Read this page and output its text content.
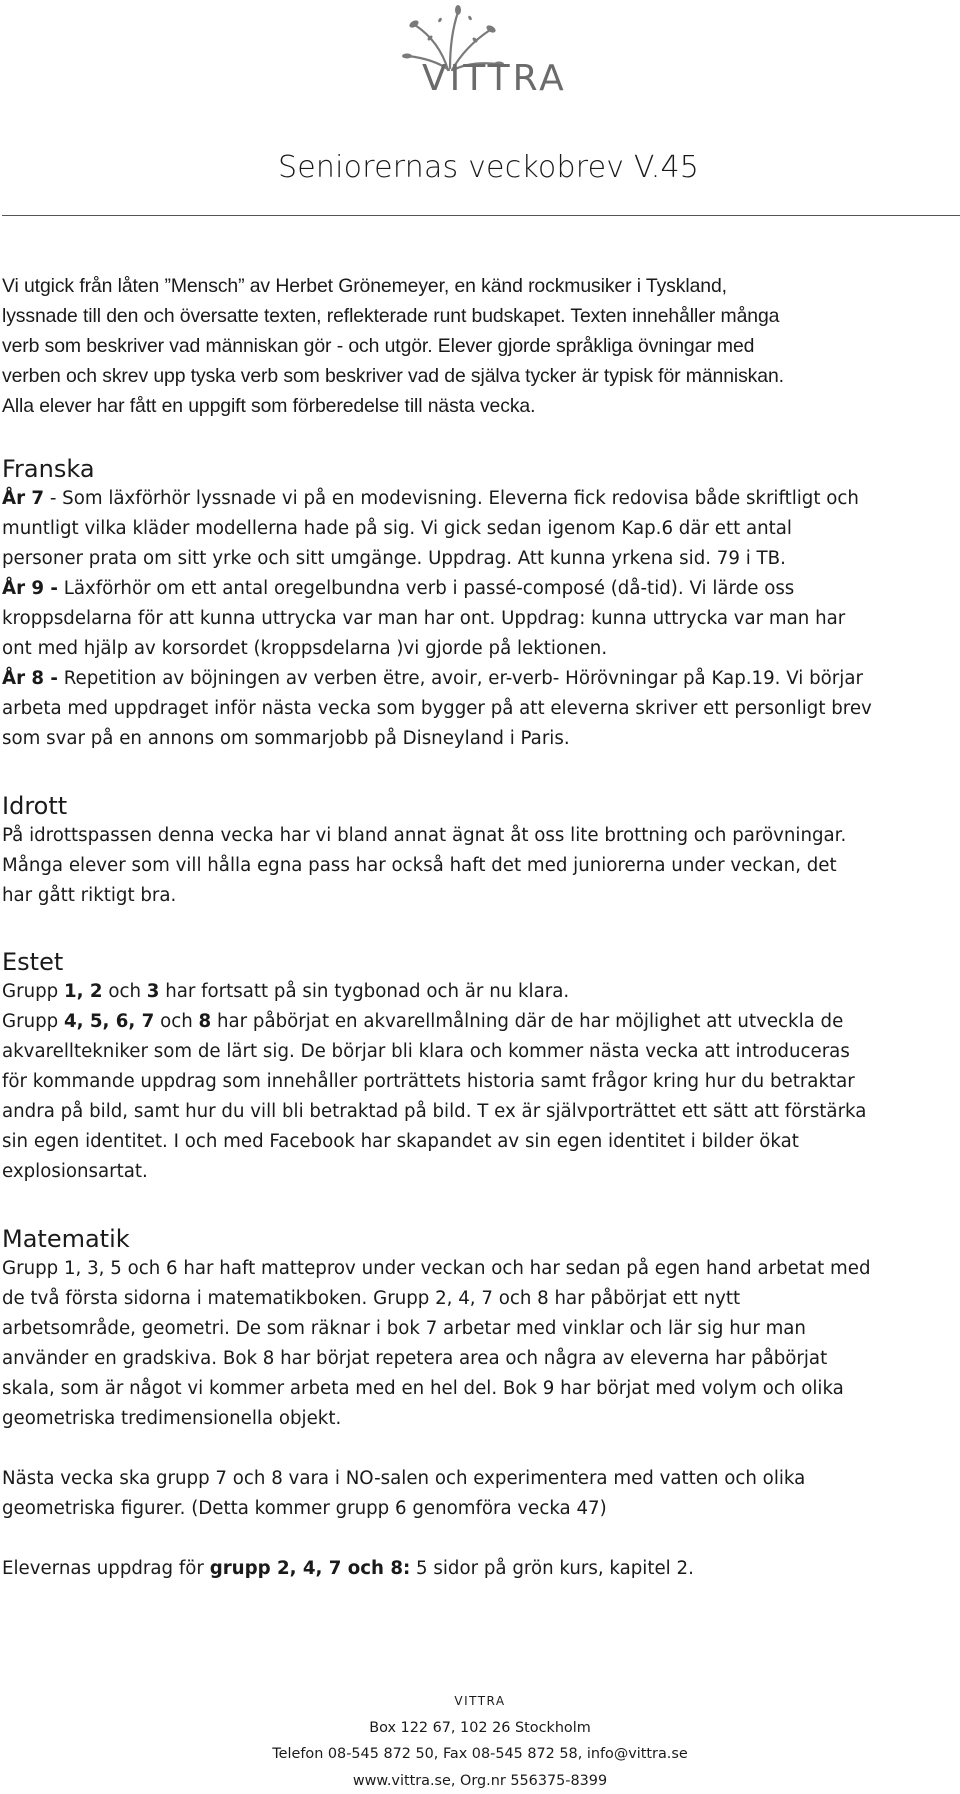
VITTRA
Seniorernas veckobrev V.45

Vi utgick från låten ”Mensch” av Herbet Grönemeyer, en känd rockmusiker i Tyskland,

lyssnade till den och översatte texten, reflekterade runt budskapet. Texten innehåller många

verb som beskriver vad människan gör - och utgör. Elever gjorde språkliga övningar med

verben och skrev upp tyska verb som beskriver vad de själva tycker är typisk för människan.

Alla elever har fått en uppgift som förberedelse till nästa vecka.

Franska

År 7 - Som läxförhör lyssnade vi på en modevisning. Eleverna fick redovisa både skriftligt och

muntligt vilka kläder modellerna hade på sig. Vi gick sedan igenom Kap.6 där ett antal

personer prata om sitt yrke och sitt umgänge. Uppdrag. Att kunna yrkena sid. 79 i TB.

År 9 - Läxförhör om ett antal oregelbundna verb i passé-composé (då-tid). Vi lärde oss

kroppsdelarna för att kunna uttrycka var man har ont. Uppdrag: kunna uttrycka var man har

ont med hjälp av korsordet (kroppsdelarna )vi gjorde på lektionen.

År 8 - Repetition av böjningen av verben ëtre, avoir, er-verb- Hörövningar på Kap.19. Vi börjar

arbeta med uppdraget inför nästa vecka som bygger på att eleverna skriver ett personligt brev

som svar på en annons om sommarjobb på Disneyland i Paris.

Idrott

På idrottspassen denna vecka har vi bland annat ägnat åt oss lite brottning och parövningar.

Många elever som vill hålla egna pass har också haft det med juniorerna under veckan, det

har gått riktigt bra.

Estet

Grupp 1, 2 och 3 har fortsatt på sin tygbonad och är nu klara.

Grupp 4, 5, 6, 7 och 8 har påbörjat en akvarellmålning där de har möjlighet att utveckla de

akvarelltekniker som de lärt sig. De börjar bli klara och kommer nästa vecka att introduceras

för kommande uppdrag som innehåller porträttets historia samt frågor kring hur du betraktar

andra på bild, samt hur du vill bli betraktad på bild. T ex är självporträttet ett sätt att förstärka

sin egen identitet. I och med Facebook har skapandet av sin egen identitet i bilder ökat

explosionsartat.

Matematik

Grupp 1, 3, 5 och 6 har haft matteprov under veckan och har sedan på egen hand arbetat med

de två första sidorna i matematikboken. Grupp 2, 4, 7 och 8 har påbörjat ett nytt

arbetsområde, geometri. De som räknar i bok 7 arbetar med vinklar och lär sig hur man

använder en gradskiva. Bok 8 har börjat repetera area och några av eleverna har påbörjat

skala, som är något vi kommer arbeta med en hel del. Bok 9 har börjat med volym och olika

geometriska tredimensionella objekt.

Nästa vecka ska grupp 7 och 8 vara i NO-salen och experimentera med vatten och olika

geometriska figurer. (Detta kommer grupp 6 genomföra vecka 47)

Elevernas uppdrag för grupp 2, 4, 7 och 8: 5 sidor på grön kurs, kapitel 2.

VITTRA
Box 122 67, 102 26 Stockholm
Telefon 08-545 872 50, Fax 08-545 872 58, info@vittra.se
www.vittra.se, Org.nr 556375-8399
